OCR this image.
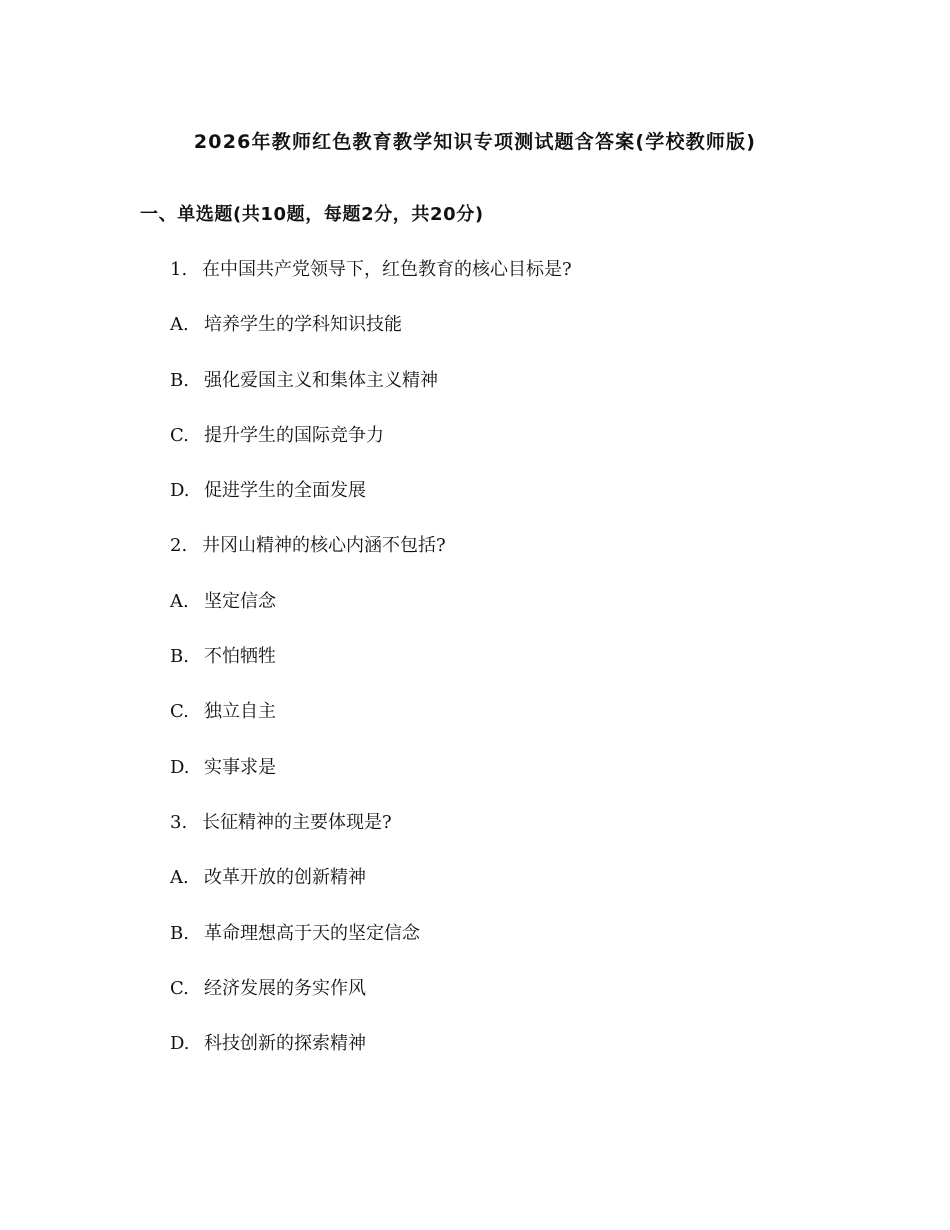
2026年教师红色教育教学知识专项测试题含答案(学校教师版)
一、单选题(共10题，每题2分，共20分)
1. 在中国共产党领导下，红色教育的核心目标是?
A. 培养学生的学科知识技能
B. 强化爱国主义和集体主义精神
C. 提升学生的国际竞争力
D. 促进学生的全面发展
2. 井冈山精神的核心内涵不包括?
A. 坚定信念
B. 不怕牺牲
C. 独立自主
D. 实事求是
3. 长征精神的主要体现是?
A. 改革开放的创新精神
B. 革命理想高于天的坚定信念
C. 经济发展的务实作风
D. 科技创新的探索精神
